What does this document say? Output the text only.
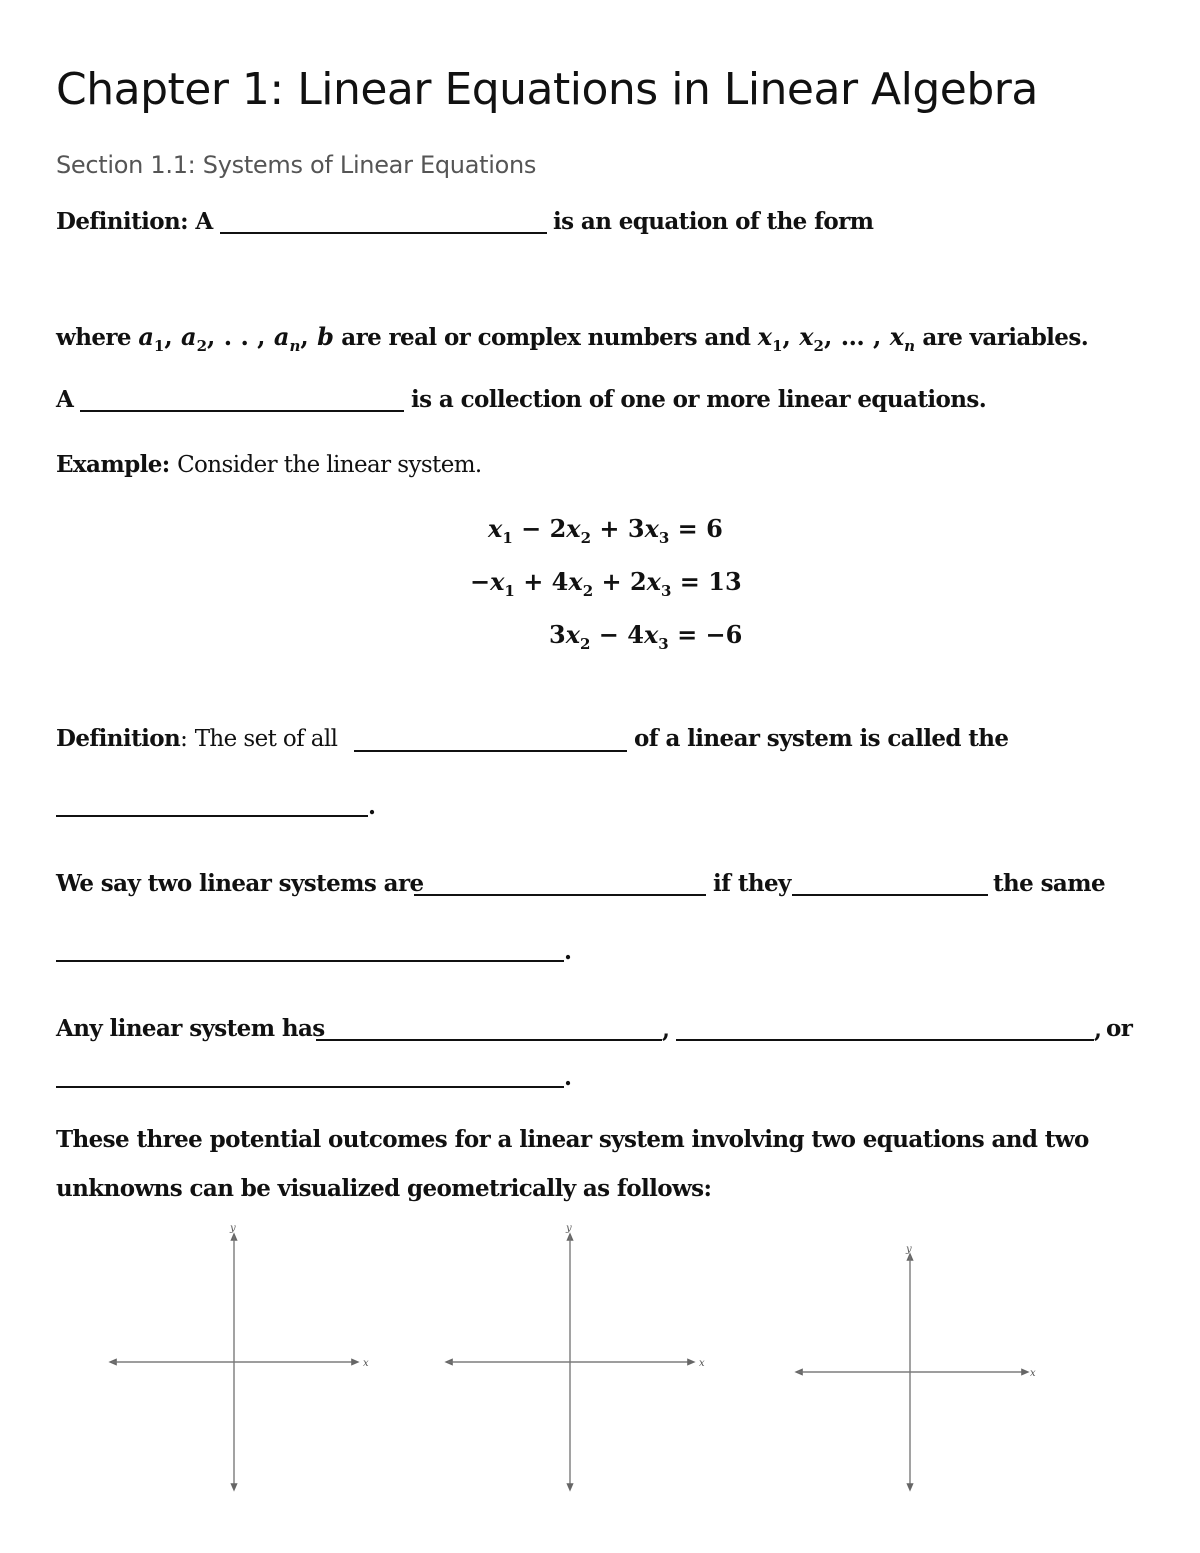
Chapter 1: Linear Equations in Linear Algebra
Section 1.1: Systems of Linear Equations
Definition: A	is an equation of the form
where $a_1$, $a_2$, . . , $a_n$, b are real or complex numbers and $x_1$, $x_2$, … , $x_n$ are variables.
A	is a collection of one or more linear equations.
Example: Consider the linear system.
$x_1 - 2x_2 + 3x_3 = 6$
$-x_1 + 4x_2 + 2x_3 = 13$
$3x_2 - 4x_3 = -6$
Definition: The set of all	of a linear system is called the
.
We say two linear systems are	if they	the same
.
Any linear system has	,	, or
.
These three potential outcomes for a linear system involving two equations and two
unknowns can be visualized geometrically as follows:
x
y
x
y
x
y
